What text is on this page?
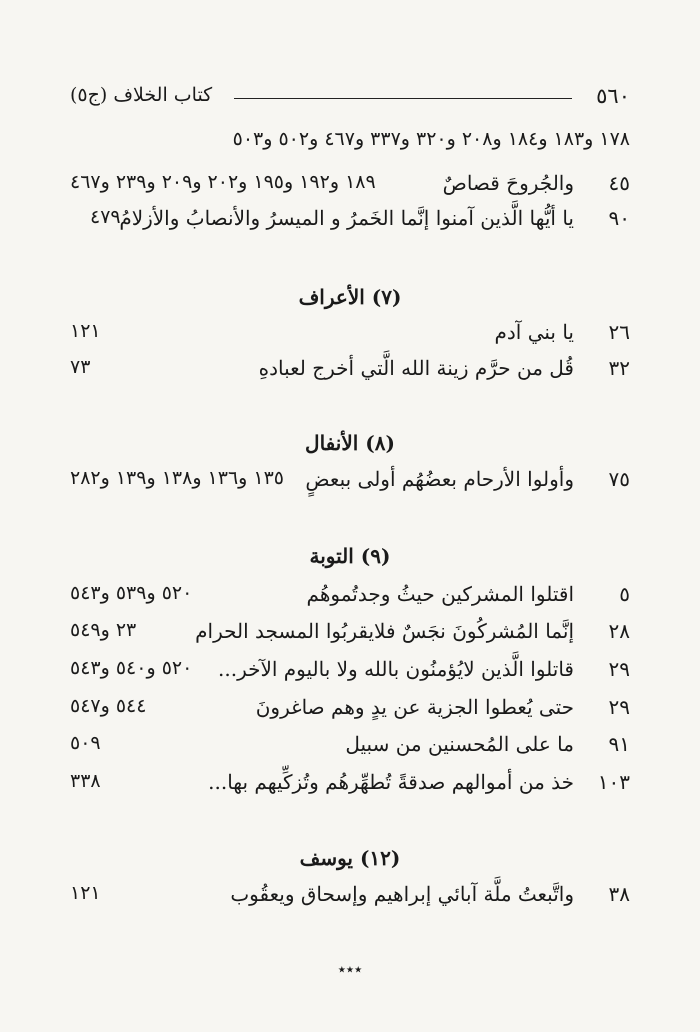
٥٦٠
كتاب الخلاف (ج٥)
١٧٨ و١٨٣ و١٨٤ و٢٠٨ و٣٢٠ و٣٣٧ و٤٦٧ و٥٠٢ و٥٠٣
٤٥
والجُروحَ قصاصٌ
١٨٩ و١٩٢ و١٩٥ و٢٠٢ و٢٠٩ و٢٣٩ و٤٦٧
٩٠
يا أيُّها الَّذين آمنوا إنَّما الخَمرُ و الميسرُ والأنصابُ والأزلامُ
٤٧٩
(٧) الأعراف
٢٦
يا بني آدم
١٢١
٣٢
قُل من حرَّم زينة الله الَّتي أخرج لعبادهِ
٧٣
(٨) الأنفال
٧٥
وأولوا الأرحام بعضُهُم أولى ببعضٍ
١٣٥ و١٣٦ و١٣٨ و١٣٩ و٢٨٢
(٩) التوبة
٥
اقتلوا المشركين حيثُ وجدتُموهُم
٥٢٠ و٥٣٩ و٥٤٣
٢٨
إنَّما المُشركُونَ نجَسٌ فلايقربُوا المسجد الحرام
٢٣ و٥٤٩
٢٩
قاتلوا الَّذين لايُؤمنُون بالله ولا باليوم الآخر...
٥٢٠ و٥٤٠ و٥٤٣
٢٩
حتى يُعطوا الجزية عن يدٍ وهم صاغرونَ
٥٤٤ و٥٤٧
٩١
ما على المُحسنين من سبيل
٥٠٩
١٠٣
خذ من أموالهم صدقةً تُطهِّرهُم وتُزكِّيهم بها...
٣٣٨
(١٢) يوسف
٣٨
واتَّبعتُ ملَّة آبائي إبراهيم وإسحاق ويعقُوب
١٢١
٭٭٭
